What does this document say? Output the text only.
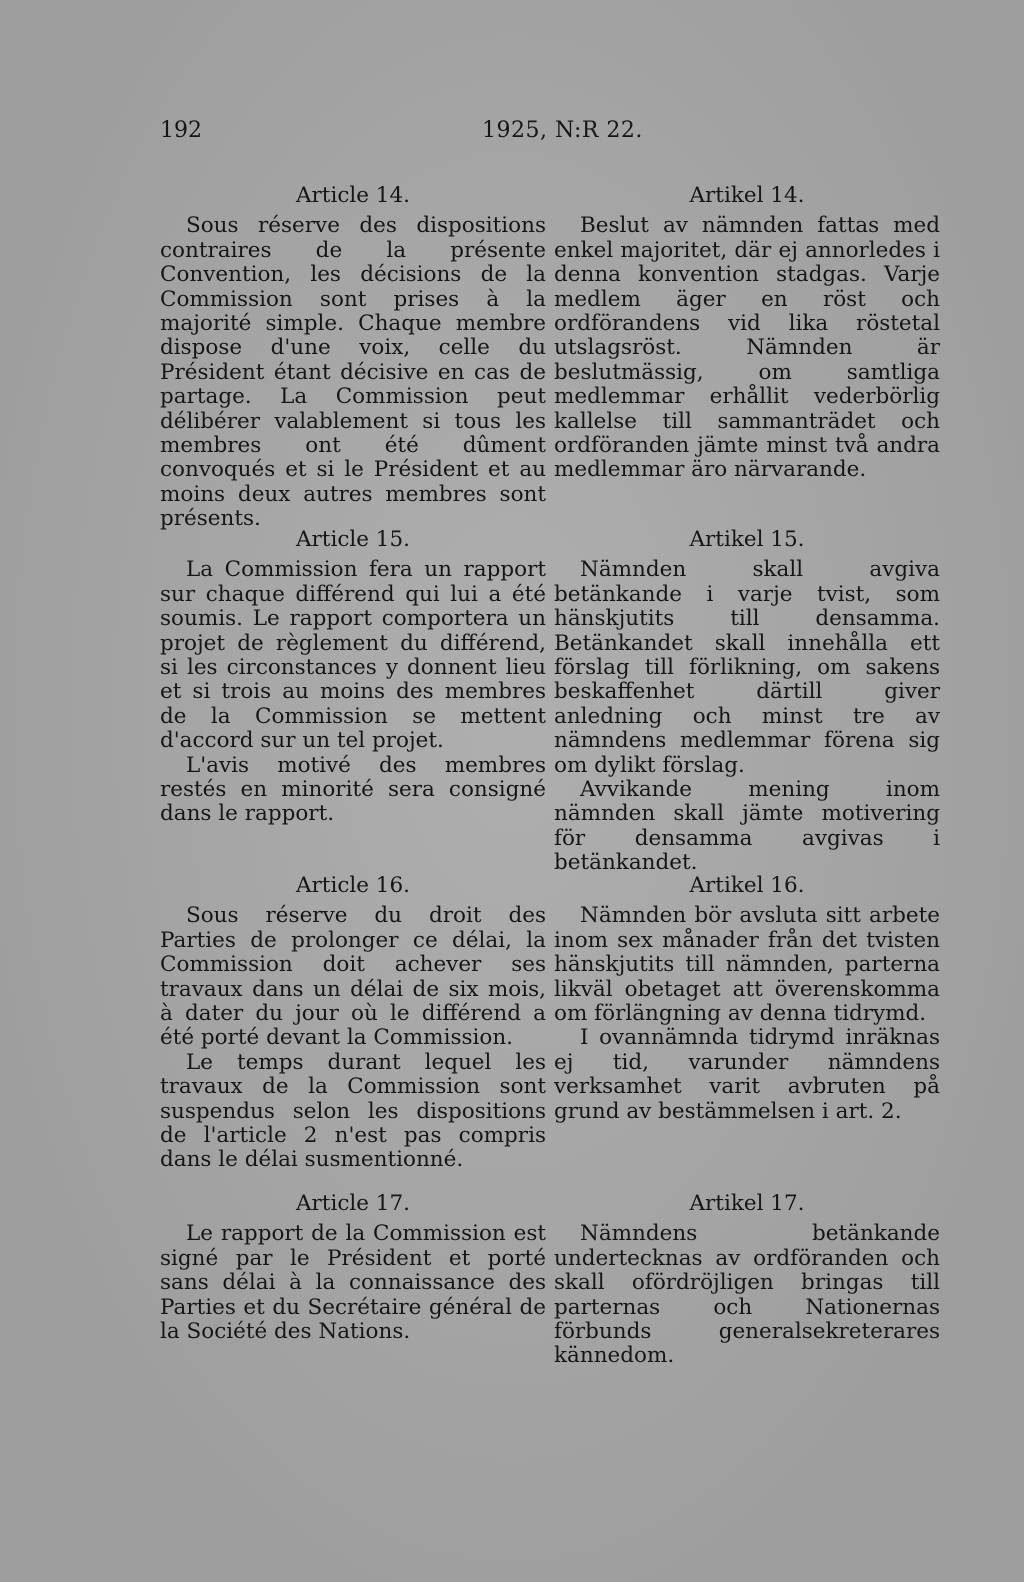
192	1925, N:R 22.
Article 14.

Sous réserve des dispositions contraires de la présente Convention, les décisions de la Commission sont prises à la majorité simple. Chaque membre dispose d'une voix, celle du Président étant décisive en cas de partage. La Commission peut délibérer valablement si tous les membres ont été dûment convoqués et si le Président et au moins deux autres membres sont présents.

Article 15.

La Commission fera un rapport sur chaque différend qui lui a été soumis. Le rapport comportera un projet de règlement du différend, si les circonstances y donnent lieu et si trois au moins des membres de la Commission se mettent d'accord sur un tel projet.

L'avis motivé des membres restés en minorité sera consigné dans le rapport.

Article 16.

Sous réserve du droit des Parties de prolonger ce délai, la Commission doit achever ses travaux dans un délai de six mois, à dater du jour où le différend a été porté devant la Commission.

Le temps durant lequel les travaux de la Commission sont suspendus selon les dispositions de l'article 2 n'est pas compris dans le délai susmentionné.

Article 17.

Le rapport de la Commission est signé par le Président et porté sans délai à la connaissance des Parties et du Secrétaire général de la Société des Nations.

Artikel 14.

Beslut av nämnden fattas med enkel majoritet, där ej annorledes i denna konvention stadgas. Varje medlem äger en röst och ordförandens vid lika röstetal utslagsröst. Nämnden är beslutmässig, om samtliga medlemmar erhållit vederbörlig kallelse till sammanträdet och ordföranden jämte minst två andra medlemmar äro närvarande.

Artikel 15.

Nämnden skall avgiva betänkande i varje tvist, som hänskjutits till densamma. Betänkandet skall innehålla ett förslag till förlikning, om sakens beskaffenhet därtill giver anledning och minst tre av nämndens medlemmar förena sig om dylikt förslag.

Avvikande mening inom nämnden skall jämte motivering för densamma avgivas i betänkandet.

Artikel 16.

Nämnden bör avsluta sitt arbete inom sex månader från det tvisten hänskjutits till nämnden, parterna likväl obetaget att överenskomma om förlängning av denna tidrymd.

I ovannämnda tidrymd inräknas ej tid, varunder nämndens verksamhet varit avbruten på grund av bestämmelsen i art. 2.

Artikel 17.

Nämndens betänkande undertecknas av ordföranden och skall ofördröjligen bringas till parternas och Nationernas förbunds generalsekreterares kännedom.
